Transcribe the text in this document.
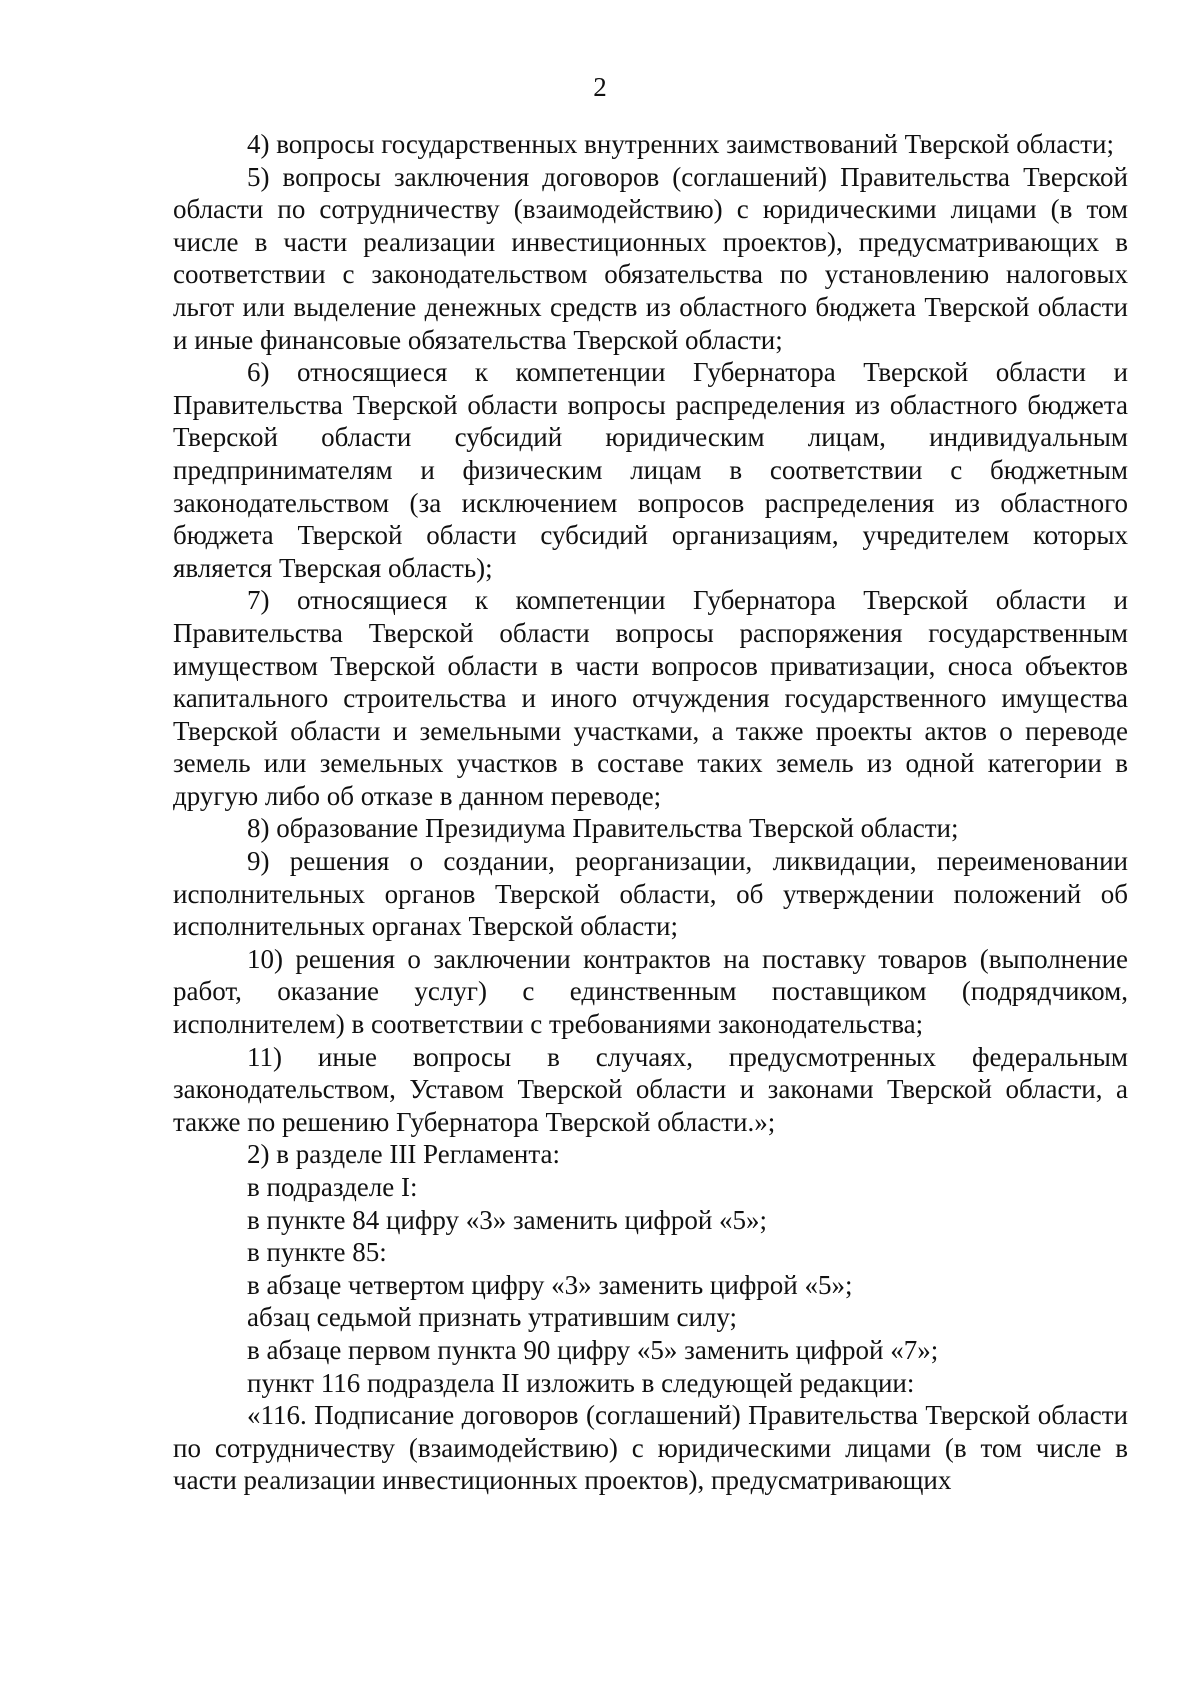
2

4) вопросы государственных внутренних заимствований Тверской области;

5) вопросы заключения договоров (соглашений) Правительства Тверской области по сотрудничеству (взаимодействию) с юридическими лицами (в том числе в части реализации инвестиционных проектов), предусматривающих в соответствии с законодательством обязательства по установлению налоговых льгот или выделение денежных средств из областного бюджета Тверской области и иные финансовые обязательства Тверской области;

6) относящиеся к компетенции Губернатора Тверской области и Правительства Тверской области вопросы распределения из областного бюджета Тверской области субсидий юридическим лицам, индивидуальным предпринимателям и физическим лицам в соответствии с бюджетным законодательством (за исключением вопросов распределения из областного бюджета Тверской области субсидий организациям, учредителем которых является Тверская область);

7) относящиеся к компетенции Губернатора Тверской области и Правительства Тверской области вопросы распоряжения государственным имуществом Тверской области в части вопросов приватизации, сноса объектов капитального строительства и иного отчуждения государственного имущества Тверской области и земельными участками, а также проекты актов о переводе земель или земельных участков в составе таких земель из одной категории в другую либо об отказе в данном переводе;

8) образование Президиума Правительства Тверской области;

9) решения о создании, реорганизации, ликвидации, переименовании исполнительных органов Тверской области, об утверждении положений об исполнительных органах Тверской области;

10) решения о заключении контрактов на поставку товаров (выполнение работ, оказание услуг) с единственным поставщиком (подрядчиком, исполнителем) в соответствии с требованиями законодательства;

11) иные вопросы в случаях, предусмотренных федеральным законодательством, Уставом Тверской области и законами Тверской области, а также по решению Губернатора Тверской области.»;

2) в разделе III Регламента:

в подразделе I:

в пункте 84 цифру «3» заменить цифрой «5»;

в пункте 85:

в абзаце четвертом цифру «3» заменить цифрой «5»;

абзац седьмой признать утратившим силу;

в абзаце первом пункта 90 цифру «5» заменить цифрой «7»;

пункт 116 подраздела II изложить в следующей редакции:

«116. Подписание договоров (соглашений) Правительства Тверской области по сотрудничеству (взаимодействию) с юридическими лицами (в том числе в части реализации инвестиционных проектов), предусматривающих
